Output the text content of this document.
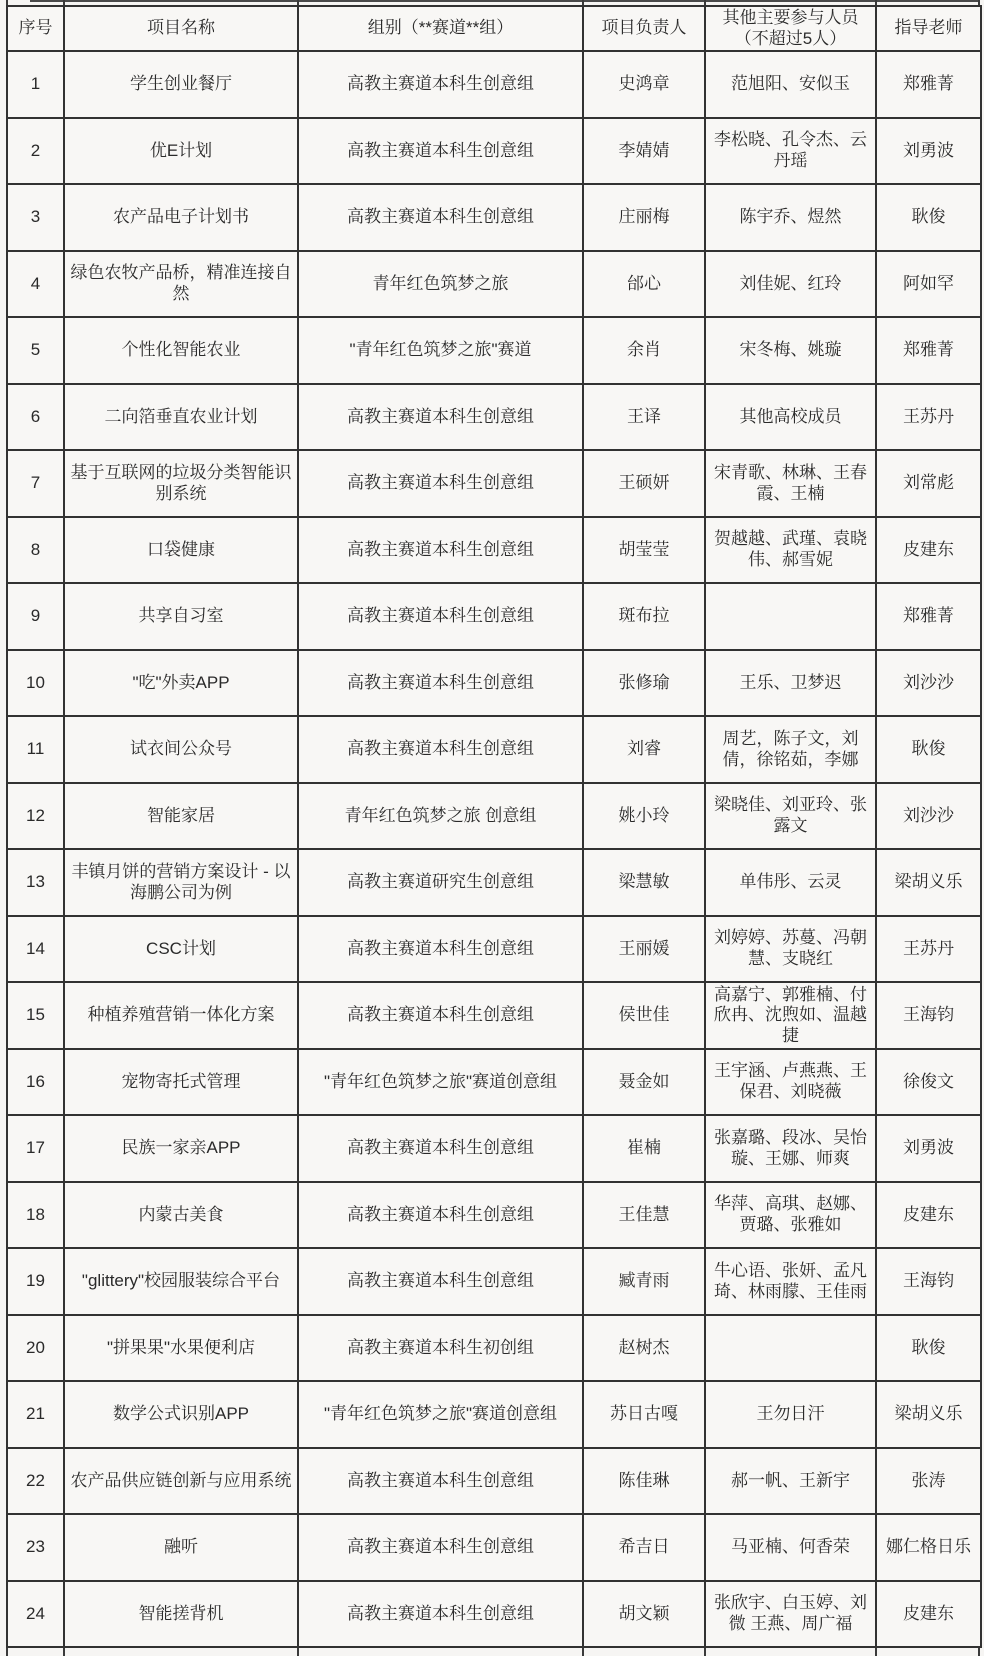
序号	项目名称	组别（**赛道**组）	项目负责人	其他主要参与人员（不超过5人）	指导老师
1	学生创业餐厅	高教主赛道本科生创意组	史鸿章	范旭阳、安似玉	郑雅菁
2	优E计划	高教主赛道本科生创意组	李婧婧	李松晓、孔令杰、云丹瑶	刘勇波
3	农产品电子计划书	高教主赛道本科生创意组	庄丽梅	陈宇乔、煜然	耿俊
4	绿色农牧产品桥，精准连接自然	青年红色筑梦之旅	邰心	刘佳妮、红玲	阿如罕
5	个性化智能农业	"青年红色筑梦之旅"赛道	余肖	宋冬梅、姚璇	郑雅菁
6	二向箔垂直农业计划	高教主赛道本科生创意组	王译	其他高校成员	王苏丹
7	基于互联网的垃圾分类智能识别系统	高教主赛道本科生创意组	王硕妍	宋青歌、林琳、王春霞、王楠	刘常彪
8	口袋健康	高教主赛道本科生创意组	胡莹莹	贺越越、武瑾、袁晓伟、郝雪妮	皮建东
9	共享自习室	高教主赛道本科生创意组	斑布拉		郑雅菁
10	"吃"外卖APP	高教主赛道本科生创意组	张修瑜	王乐、卫梦迟	刘沙沙
11	试衣间公众号	高教主赛道本科生创意组	刘睿	周艺，陈子文，刘倩，徐铭茹，李娜	耿俊
12	智能家居	青年红色筑梦之旅 创意组	姚小玲	梁晓佳、刘亚玲、张露文	刘沙沙
13	丰镇月饼的营销方案设计 - 以海鹏公司为例	高教主赛道研究生创意组	梁慧敏	单伟彤、云灵	梁胡义乐
14	CSC计划	高教主赛道本科生创意组	王丽媛	刘婷婷、苏蔓、冯朝慧、支晓红	王苏丹
15	种植养殖营销一体化方案	高教主赛道本科生创意组	侯世佳	高嘉宁、郭雅楠、付欣冉、沈煦如、温越捷	王海钧
16	宠物寄托式管理	"青年红色筑梦之旅"赛道创意组	聂金如	王宇涵、卢燕燕、王保君、刘晓薇	徐俊文
17	民族一家亲APP	高教主赛道本科生创意组	崔楠	张嘉璐、段冰、吴怡璇、王娜、师爽	刘勇波
18	内蒙古美食	高教主赛道本科生创意组	王佳慧	华萍、高琪、赵娜、贾璐、张雅如	皮建东
19	"glittery"校园服装综合平台	高教主赛道本科生创意组	臧青雨	牛心语、张妍、孟凡琦、林雨朦、王佳雨	王海钧
20	"拼果果"水果便利店	高教主赛道本科生初创组	赵树杰		耿俊
21	数学公式识别APP	"青年红色筑梦之旅"赛道创意组	苏日古嘎	王勿日汗	梁胡义乐
22	农产品供应链创新与应用系统	高教主赛道本科生创意组	陈佳琳	郝一帆、王新宇	张涛
23	融听	高教主赛道本科生创意组	希吉日	马亚楠、何香荣	娜仁格日乐
24	智能搓背机	高教主赛道本科生创意组	胡文颖	张欣宇、白玉婷、刘微 王燕、周广福	皮建东
